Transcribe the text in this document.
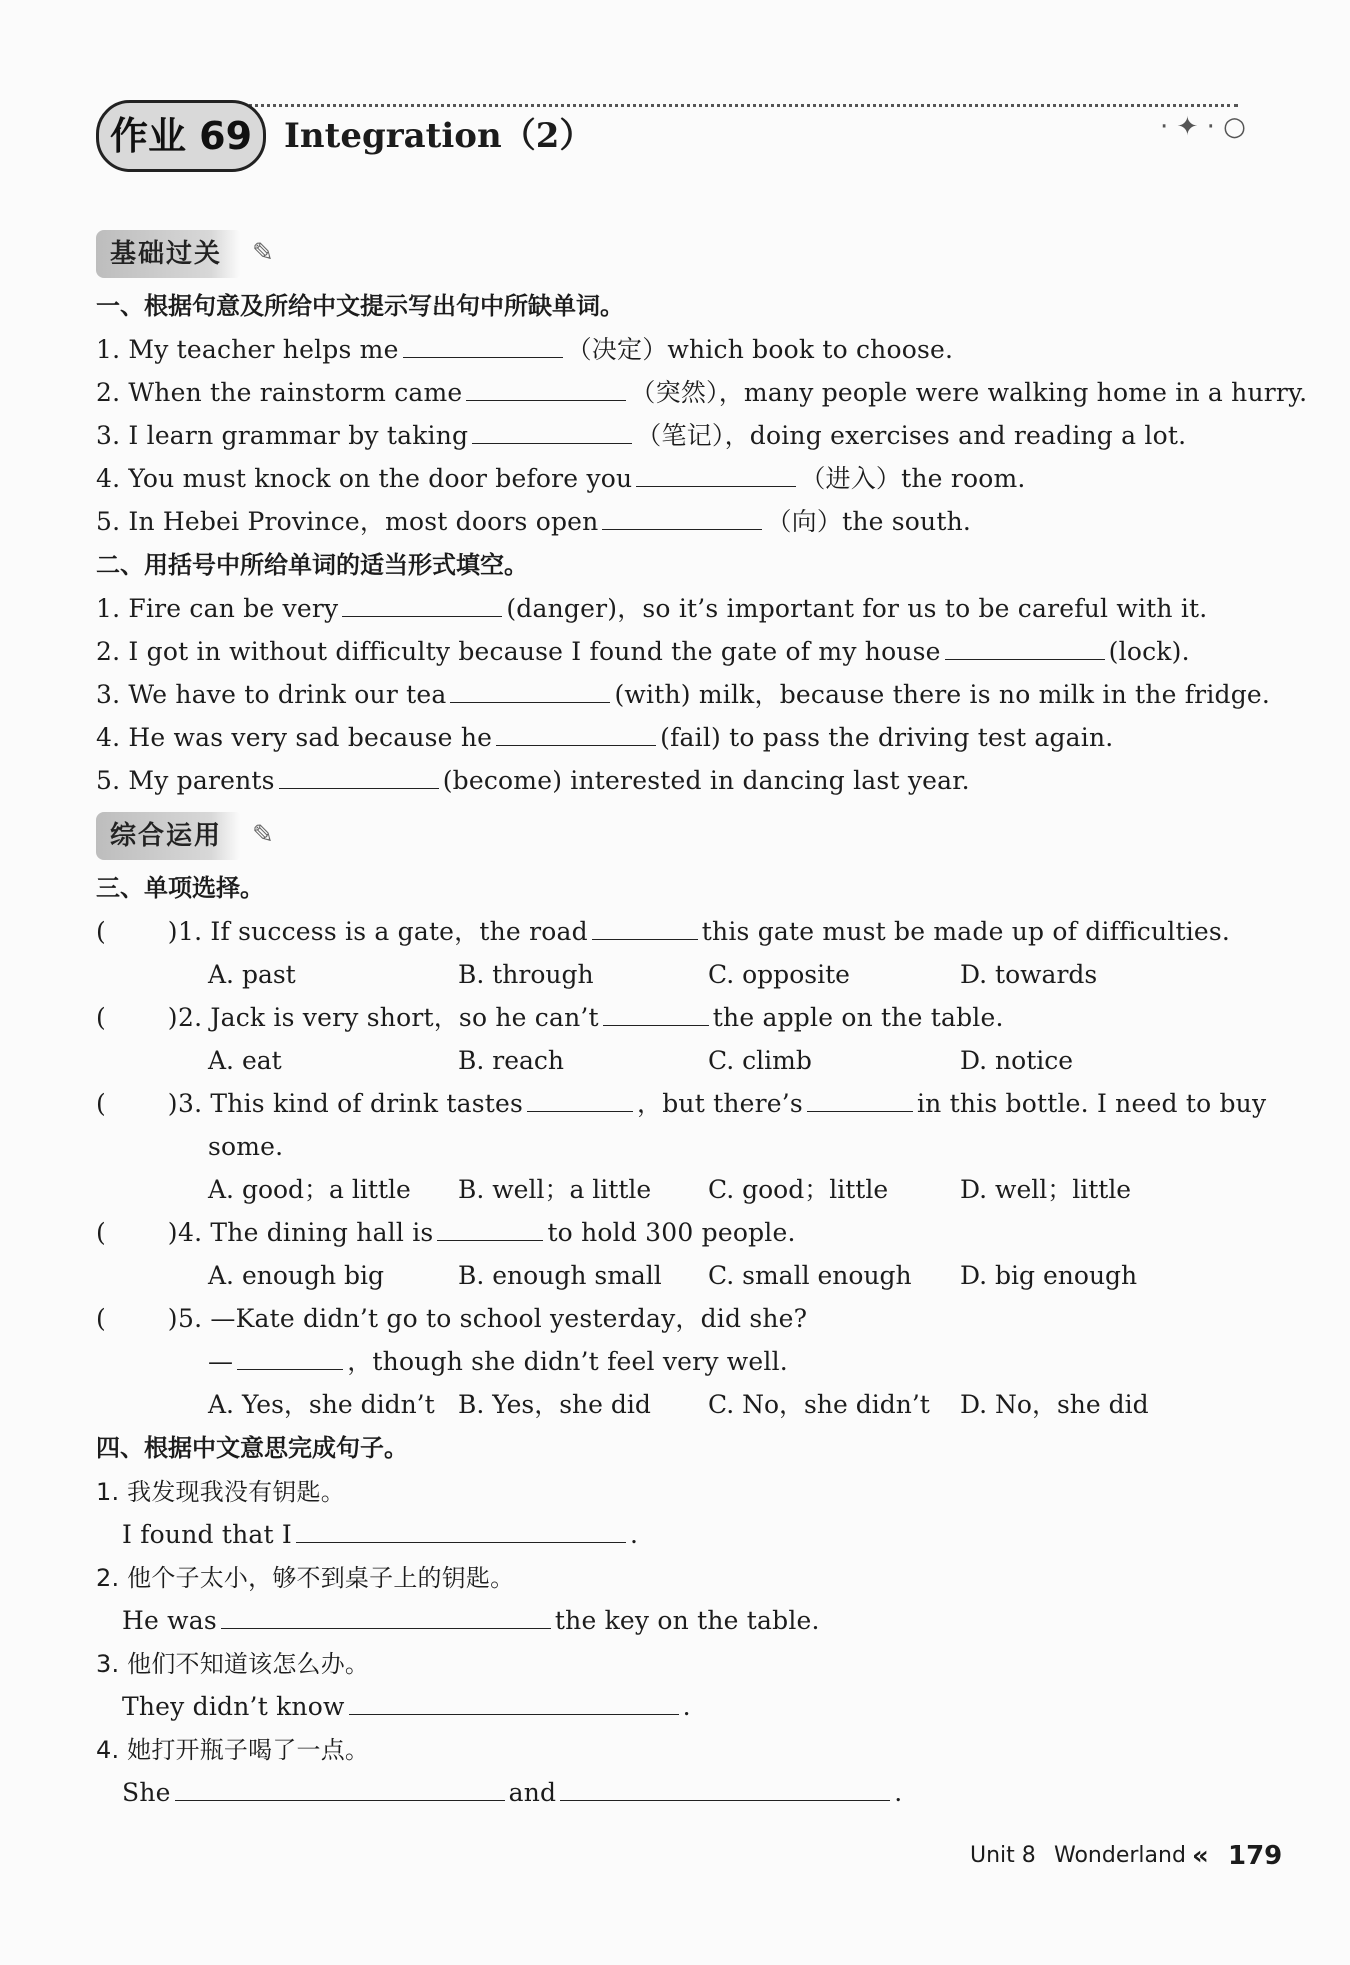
· ✦ · ○
作业 69 Integration（2）
基础过关	✎
一、根据句意及所给中文提示写出句中所缺单词。
1. My teacher helps me	（决定）which book to choose.
2. When the rainstorm came	（突然），many people were walking home in a hurry.
3. I learn grammar by taking	（笔记），doing exercises and reading a lot.
4. You must knock on the door before you	（进入）the room.
5. In Hebei Province，most doors open	（向）the south.
二、用括号中所给单词的适当形式填空。
1. Fire can be very	(danger)，so it’s important for us to be careful with it.
2. I got in without difficulty because I found the gate of my house	(lock).
3. We have to drink our tea	(with) milk，because there is no milk in the fridge.
4. He was very sad because he	(fail) to pass the driving test again.
5. My parents	(become) interested in dancing last year.
综合运用	✎
三、单项选择。
( ) 1. If success is a gate，the road	this gate must be made up of difficulties.
A. past	B. through	C. opposite	D. towards
( ) 2. Jack is very short，so he can’t	the apple on the table.
A. eat	B. reach	C. climb	D. notice
( ) 3. This kind of drink tastes	，but there’s	in this bottle. I need to buy
some.
A. good；a little B. well；a little C. good；little	D. well；little
( ) 4. The dining hall is	to hold 300 people.
A. enough big	B. enough small C. small enough D. big enough
( ) 5. —Kate didn’t go to school yesterday，did she?
—	，though she didn’t feel very well.
A. Yes，she didn’t B. Yes，she did C. No，she didn’t D. No，she did
四、根据中文意思完成句子。
1. 我发现我没有钥匙。
I found that I	.
2. 他个子太小，够不到桌子上的钥匙。
He was	the key on the table.
3. 他们不知道该怎么办。
They didn’t know	.
4. 她打开瓶子喝了一点。
She	and	.
Unit 8 Wonderland « 179
